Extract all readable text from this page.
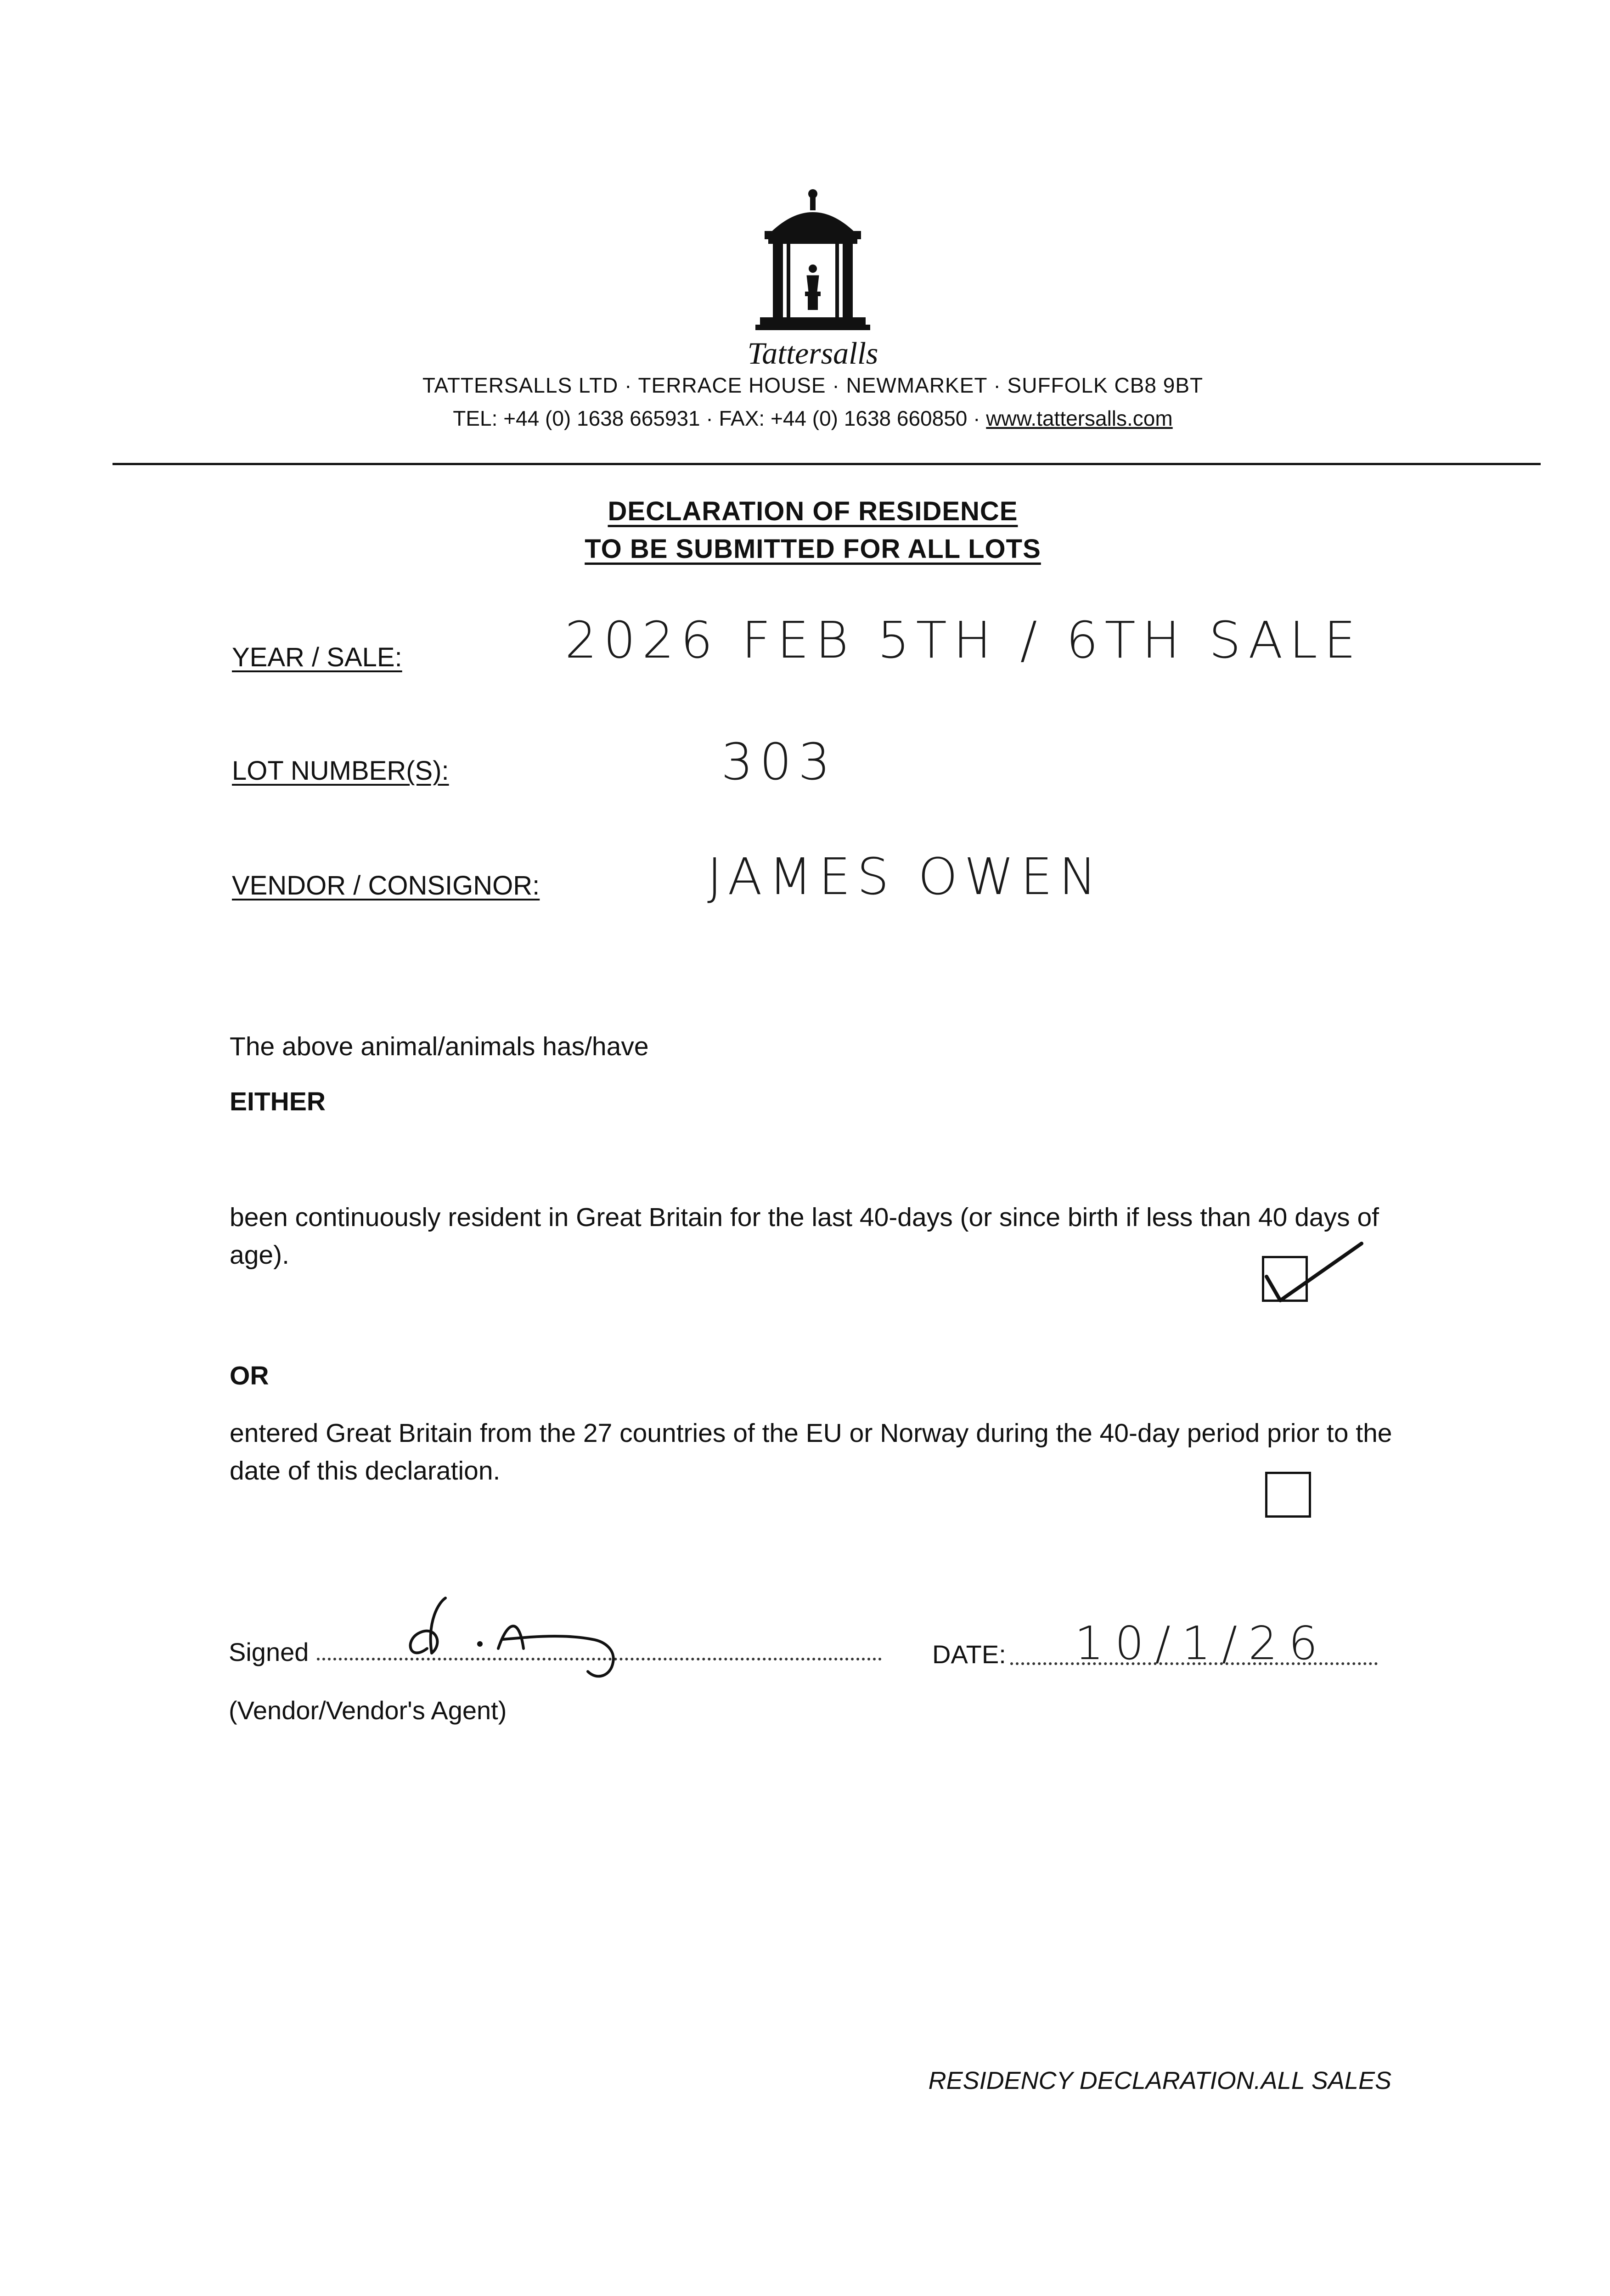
Tattersalls
TATTERSALLS LTD · TERRACE HOUSE · NEWMARKET · SUFFOLK CB8 9BT
TEL: +44 (0) 1638 665931 · FAX: +44 (0) 1638 660850 · www.tattersalls.com
DECLARATION OF RESIDENCE
TO BE SUBMITTED FOR ALL LOTS
YEAR / SALE:	2026 FEB 5TH / 6TH SALE
LOT NUMBER(S):	303
VENDOR / CONSIGNOR:	JAMES OWEN
The above animal/animals has/have
EITHER
been continuously resident in Great Britain for the last 40-days (or since birth if less than 40 days of age).
OR
entered Great Britain from the 27 countries of the EU or Norway during the 40-day period prior to the date of this declaration.
Signed	DATE: 10/1/26
(Vendor/Vendor's Agent)
RESIDENCY DECLARATION.ALL SALES
